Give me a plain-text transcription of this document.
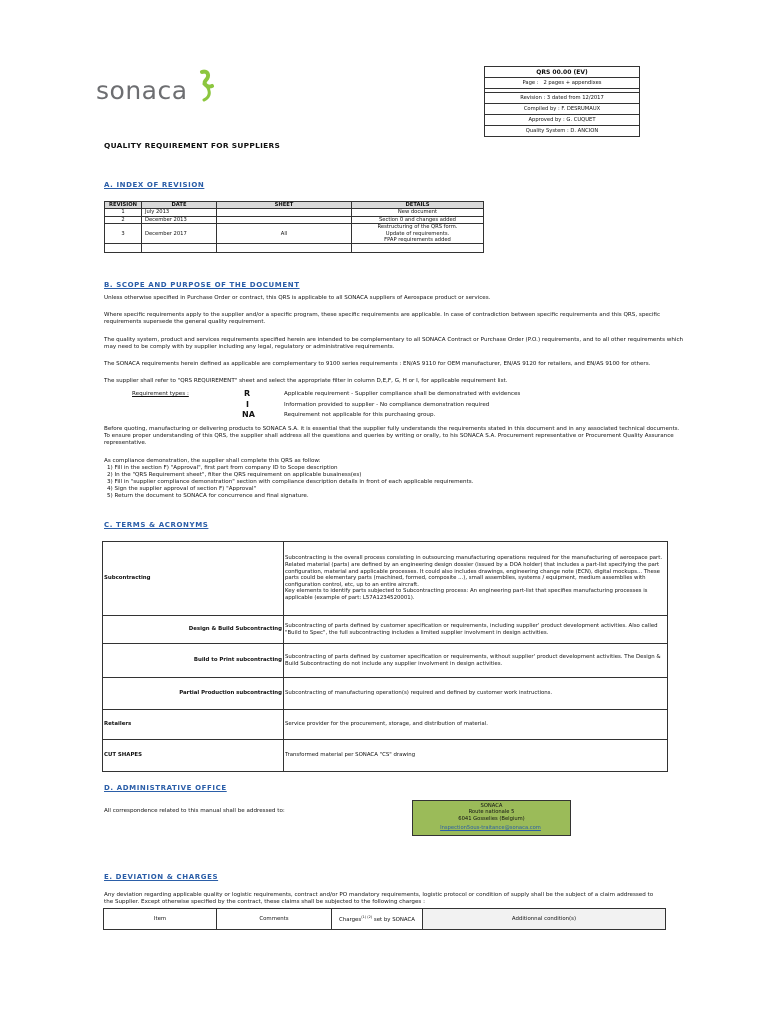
sonaca
QRS 00.00 (EV)
Page : 2 pages + appendixes

Revision : 3 dated from 12/2017
Compiled by : F. DESRUMAUX
Approved by : G. CUQUET
Quality System : D. ANCION
QUALITY REQUIREMENT FOR SUPPLIERS
A. INDEX OF REVISION
REVISION	DATE	SHEET	DETAILS
1	July 2013		New document
2	December 2013		Section 0 and changes added
3	December 2017	All	Restructuring of the QRS form.
Update of requirements.
FPAP requirements added

B. SCOPE AND PURPOSE OF THE DOCUMENT
Unless otherwise specified in Purchase Order or contract, this QRS is applicable to all SONACA suppliers of Aerospace product or services.
Where specific requirements apply to the supplier and/or a specific program, these specific requirements are applicable. In case of contradiction between specific requirements and this QRS, specific requirements supersede the general quality requirement.
The quality system, product and services requirements specified herein are intended to be complementary to all SONACA Contract or Purchase Order (P.O.) requirements, and to all other requirements which may need to be comply with by supplier including any legal, regulatory or administrative requirements.
The SONACA requirements herein defined as applicable are complementary to 9100 series requirements : EN/AS 9110 for OEM manufacturer, EN/AS 9120 for retailers, and EN/AS 9100 for others.
The supplier shall refer to "QRS REQUIREMENT" sheet and select the appropriate filter in column D,E,F, G, H or I, for applicable requirement list.
Requirement types :	R	Applicable requirement - Supplier compliance shall be demonstrated with evidences
I	Information provided to supplier - No compliance demonstration required
NA	Requirement not applicable for this purchasing group.
Before quoting, manufacturing or delivering products to SONACA S.A. it is essential that the supplier fully understands the requirements stated in this document and in any associated technical documents. To ensure proper understanding of this QRS, the supplier shall address all the questions and queries by writing or orally, to his SONACA S.A. Procurement representative or Procurement Quality Assurance representative.
As compliance demonstration, the supplier shall complete this QRS as follow:
1) Fill in the section F) "Approval", first part from company ID to Scope description
2) In the "QRS Requirement sheet", filter the QRS requirement on applicable busainess(es)
3) Fill in "supplier compliance demonstration" section with compliance description details in front of each applicable requirements.
4) Sign the supplier approval of section F) "Approval"
5) Return the document to SONACA for concurrence and final signature.
C. TERMS & ACRONYMS
Subcontracting	Subcontracting is the overall process consisting in outsourcing manufacturing operations required for the manufacturing of aerospace part.
Related material (parts) are defined by an engineering design dossier (issued by a DOA holder) that includes a part-list specifying the part configuration, material and applicable processes. It could also includes drawings, engineering change note (ECN), digital mockups... These parts could be elementary parts (machined, formed, composite ...), small assemblies, systems / equipment, medium assemblies with configuration control, etc, up to an entire aircraft.
Key elements to identify parts subjected to Subcontracting process: An engineering part-list that specifies manufacturing processes is applicable (example of part: L57A1234520001).
Design & Build Subcontracting	Subcontracting of parts defined by customer specification or requirements, including supplier' product development activities. Also called "Build to Spec", the full subcontracting includes a limited supplier involvment in design activities.
Build to Print subcontracting	Subcontracting of parts defined by customer specification or requirements, without supplier' product development activities. The Design & Build Subcontracting do not include any supplier involvment in design activities.
Partial Production subcontracting	Subcontracting of manufacturing operation(s) required and defined by customer work instructions.
Retailers	Service provider for the procurement, storage, and distribution of material.
CUT SHAPES	Transformed material per SONACA "CS" drawing
D. ADMINISTRATIVE OFFICE
All correspondence related to this manual shall be addressed to:
SONACA
Route nationale 5
6041 Gosselies (Belgium)
Inspection5ous-traitance@sonaca.com
E. DEVIATION & CHARGES
Any deviation regarding applicable quality or logistic requirements, contract and/or PO mandatory requirements, logistic protocol or condition of supply shall be the subject of a claim addressed to the Supplier. Except otherwise specified by the contract, these claims shall be subjected to the following charges :
Item	Comments	Charges$^{(1) (2)}$ set by SONACA	Additionnal condition(s)
